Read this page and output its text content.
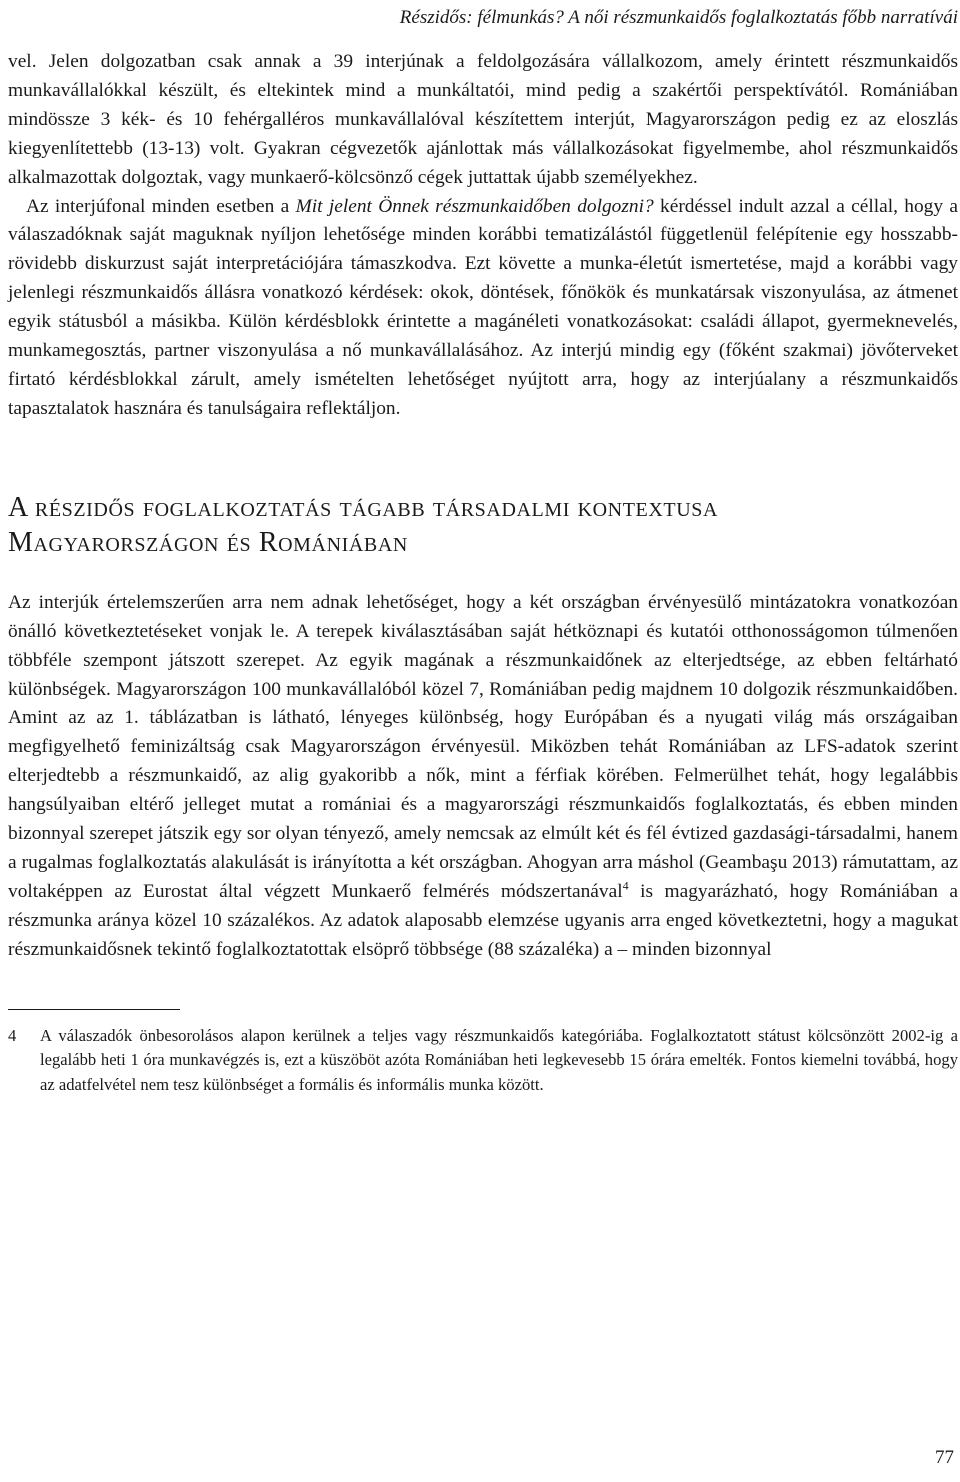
Részidős: félmunkás? A női részmunkaidős foglalkoztatás főbb narratívái

vel. Jelen dolgozatban csak annak a 39 interjúnak a feldolgozására vállalkozom, amely érintett részmunkaidős munkavállalókkal készült, és eltekintek mind a munkáltatói, mind pedig a szakértői perspektívától. Romániában mindössze 3 kék- és 10 fehérgalléros munkavállalóval készítettem interjút, Magyarországon pedig ez az eloszlás kiegyenlítettebb (13-13) volt. Gyakran cégvezetők ajánlottak más vállalkozásokat figyelmembe, ahol részmunkaidős alkalmazottak dolgoztak, vagy munkaerő-kölcsönző cégek juttattak újabb személyekhez.

Az interjúfonal minden esetben a Mit jelent Önnek részmunkaidőben dolgozni? kérdéssel indult azzal a céllal, hogy a válaszadóknak saját maguknak nyíljon lehetősége minden korábbi tematizálástól függetlenül felépítenie egy hosszabb-rövidebb diskurzust saját interpretációjára támaszkodva. Ezt követte a munka-életút ismertetése, majd a korábbi vagy jelenlegi részmunkaidős állásra vonatkozó kérdések: okok, döntések, főnökök és munkatársak viszonyulása, az átmenet egyik státusból a másikba. Külön kérdésblokk érintette a magánéleti vonatkozásokat: családi állapot, gyermeknevelés, munkamegosztás, partner viszonyulása a nő munkavállalásához. Az interjú mindig egy (főként szakmai) jövőterveket firtató kérdésblokkal zárult, amely ismételten lehetőséget nyújtott arra, hogy az interjúalany a részmunkaidős tapasztalatok hasznára és tanulságaira reflektáljon.

A részidős foglalkoztatás tágabb társadalmi kontextusa
Magyarországon és Romániában

Az interjúk értelemszerűen arra nem adnak lehetőséget, hogy a két országban érvényesülő mintázatokra vonatkozóan önálló következtetéseket vonjak le. A terepek kiválasztásában saját hétköznapi és kutatói otthonosságomon túlmenően többféle szempont játszott szerepet. Az egyik magának a részmunkaidőnek az elterjedtsége, az ebben feltárható különbségek. Magyarországon 100 munkavállalóból közel 7, Romániában pedig majdnem 10 dolgozik részmunkaidőben. Amint az az 1. táblázatban is látható, lényeges különbség, hogy Európában és a nyugati világ más országaiban megfigyelhető feminizáltság csak Magyarországon érvényesül. Miközben tehát Romániában az LFS-adatok szerint elterjedtebb a részmunkaidő, az alig gyakoribb a nők, mint a férfiak körében. Felmerülhet tehát, hogy legalábbis hangsúlyaiban eltérő jelleget mutat a romániai és a magyarországi részmunkaidős foglalkoztatás, és ebben minden bizonnyal szerepet játszik egy sor olyan tényező, amely nemcsak az elmúlt két és fél évtized gazdasági-társadalmi, hanem a rugalmas foglalkoztatás alakulását is irányította a két országban. Ahogyan arra máshol (Geambaşu 2013) rámutattam, az voltaképpen az Eurostat által végzett Munkaerő felmérés módszertanával$^4$ is magyarázható, hogy Romániában a részmunka aránya közel 10 százalékos. Az adatok alaposabb elemzése ugyanis arra enged következtetni, hogy a magukat részmunkaidősnek tekintő foglalkoztatottak elsöprő többsége (88 százaléka) a – minden bizonnyal

4	A válaszadók önbesorolásos alapon kerülnek a teljes vagy részmunkaidős kategóriába. Foglalkoztatott státust kölcsönzött 2002-ig a legalább heti 1 óra munkavégzés is, ezt a küszöböt azóta Romániában heti legkevesebb 15 órára emelték. Fontos kiemelni továbbá, hogy az adatfelvétel nem tesz különbséget a formális és informális munka között.
77
